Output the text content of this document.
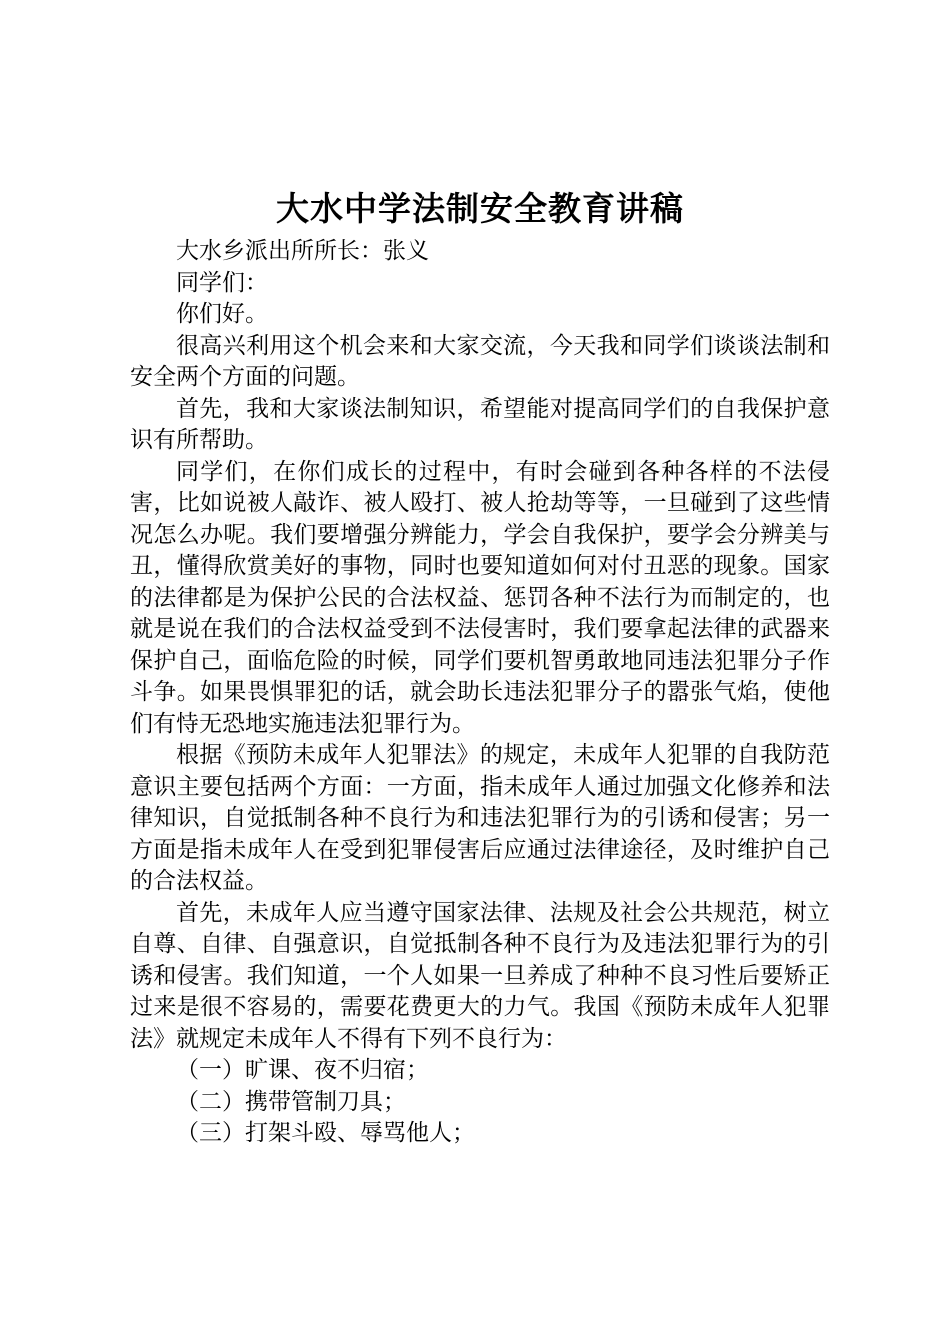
大水中学法制安全教育讲稿

大水乡派出所所长：张义

同学们：

你们好。

很高兴利用这个机会来和大家交流，今天我和同学们谈谈法制和安全两个方面的问题。

首先，我和大家谈法制知识，希望能对提高同学们的自我保护意识有所帮助。

同学们，在你们成长的过程中，有时会碰到各种各样的不法侵害，比如说被人敲诈、被人殴打、被人抢劫等等，一旦碰到了这些情况怎么办呢。我们要增强分辨能力，学会自我保护，要学会分辨美与丑，懂得欣赏美好的事物，同时也要知道如何对付丑恶的现象。国家的法律都是为保护公民的合法权益、惩罚各种不法行为而制定的，也就是说在我们的合法权益受到不法侵害时，我们要拿起法律的武器来保护自己，面临危险的时候，同学们要机智勇敢地同违法犯罪分子作斗争。如果畏惧罪犯的话，就会助长违法犯罪分子的嚣张气焰，使他们有恃无恐地实施违法犯罪行为。

根据《预防未成年人犯罪法》的规定，未成年人犯罪的自我防范意识主要包括两个方面：一方面，指未成年人通过加强文化修养和法律知识，自觉抵制各种不良行为和违法犯罪行为的引诱和侵害；另一方面是指未成年人在受到犯罪侵害后应通过法律途径，及时维护自己的合法权益。

首先，未成年人应当遵守国家法律、法规及社会公共规范，树立自尊、自律、自强意识，自觉抵制各种不良行为及违法犯罪行为的引诱和侵害。我们知道，一个人如果一旦养成了种种不良习性后要矫正过来是很不容易的，需要花费更大的力气。我国《预防未成年人犯罪法》就规定未成年人不得有下列不良行为：

（一）旷课、夜不归宿；

（二）携带管制刀具；

（三）打架斗殴、辱骂他人；
